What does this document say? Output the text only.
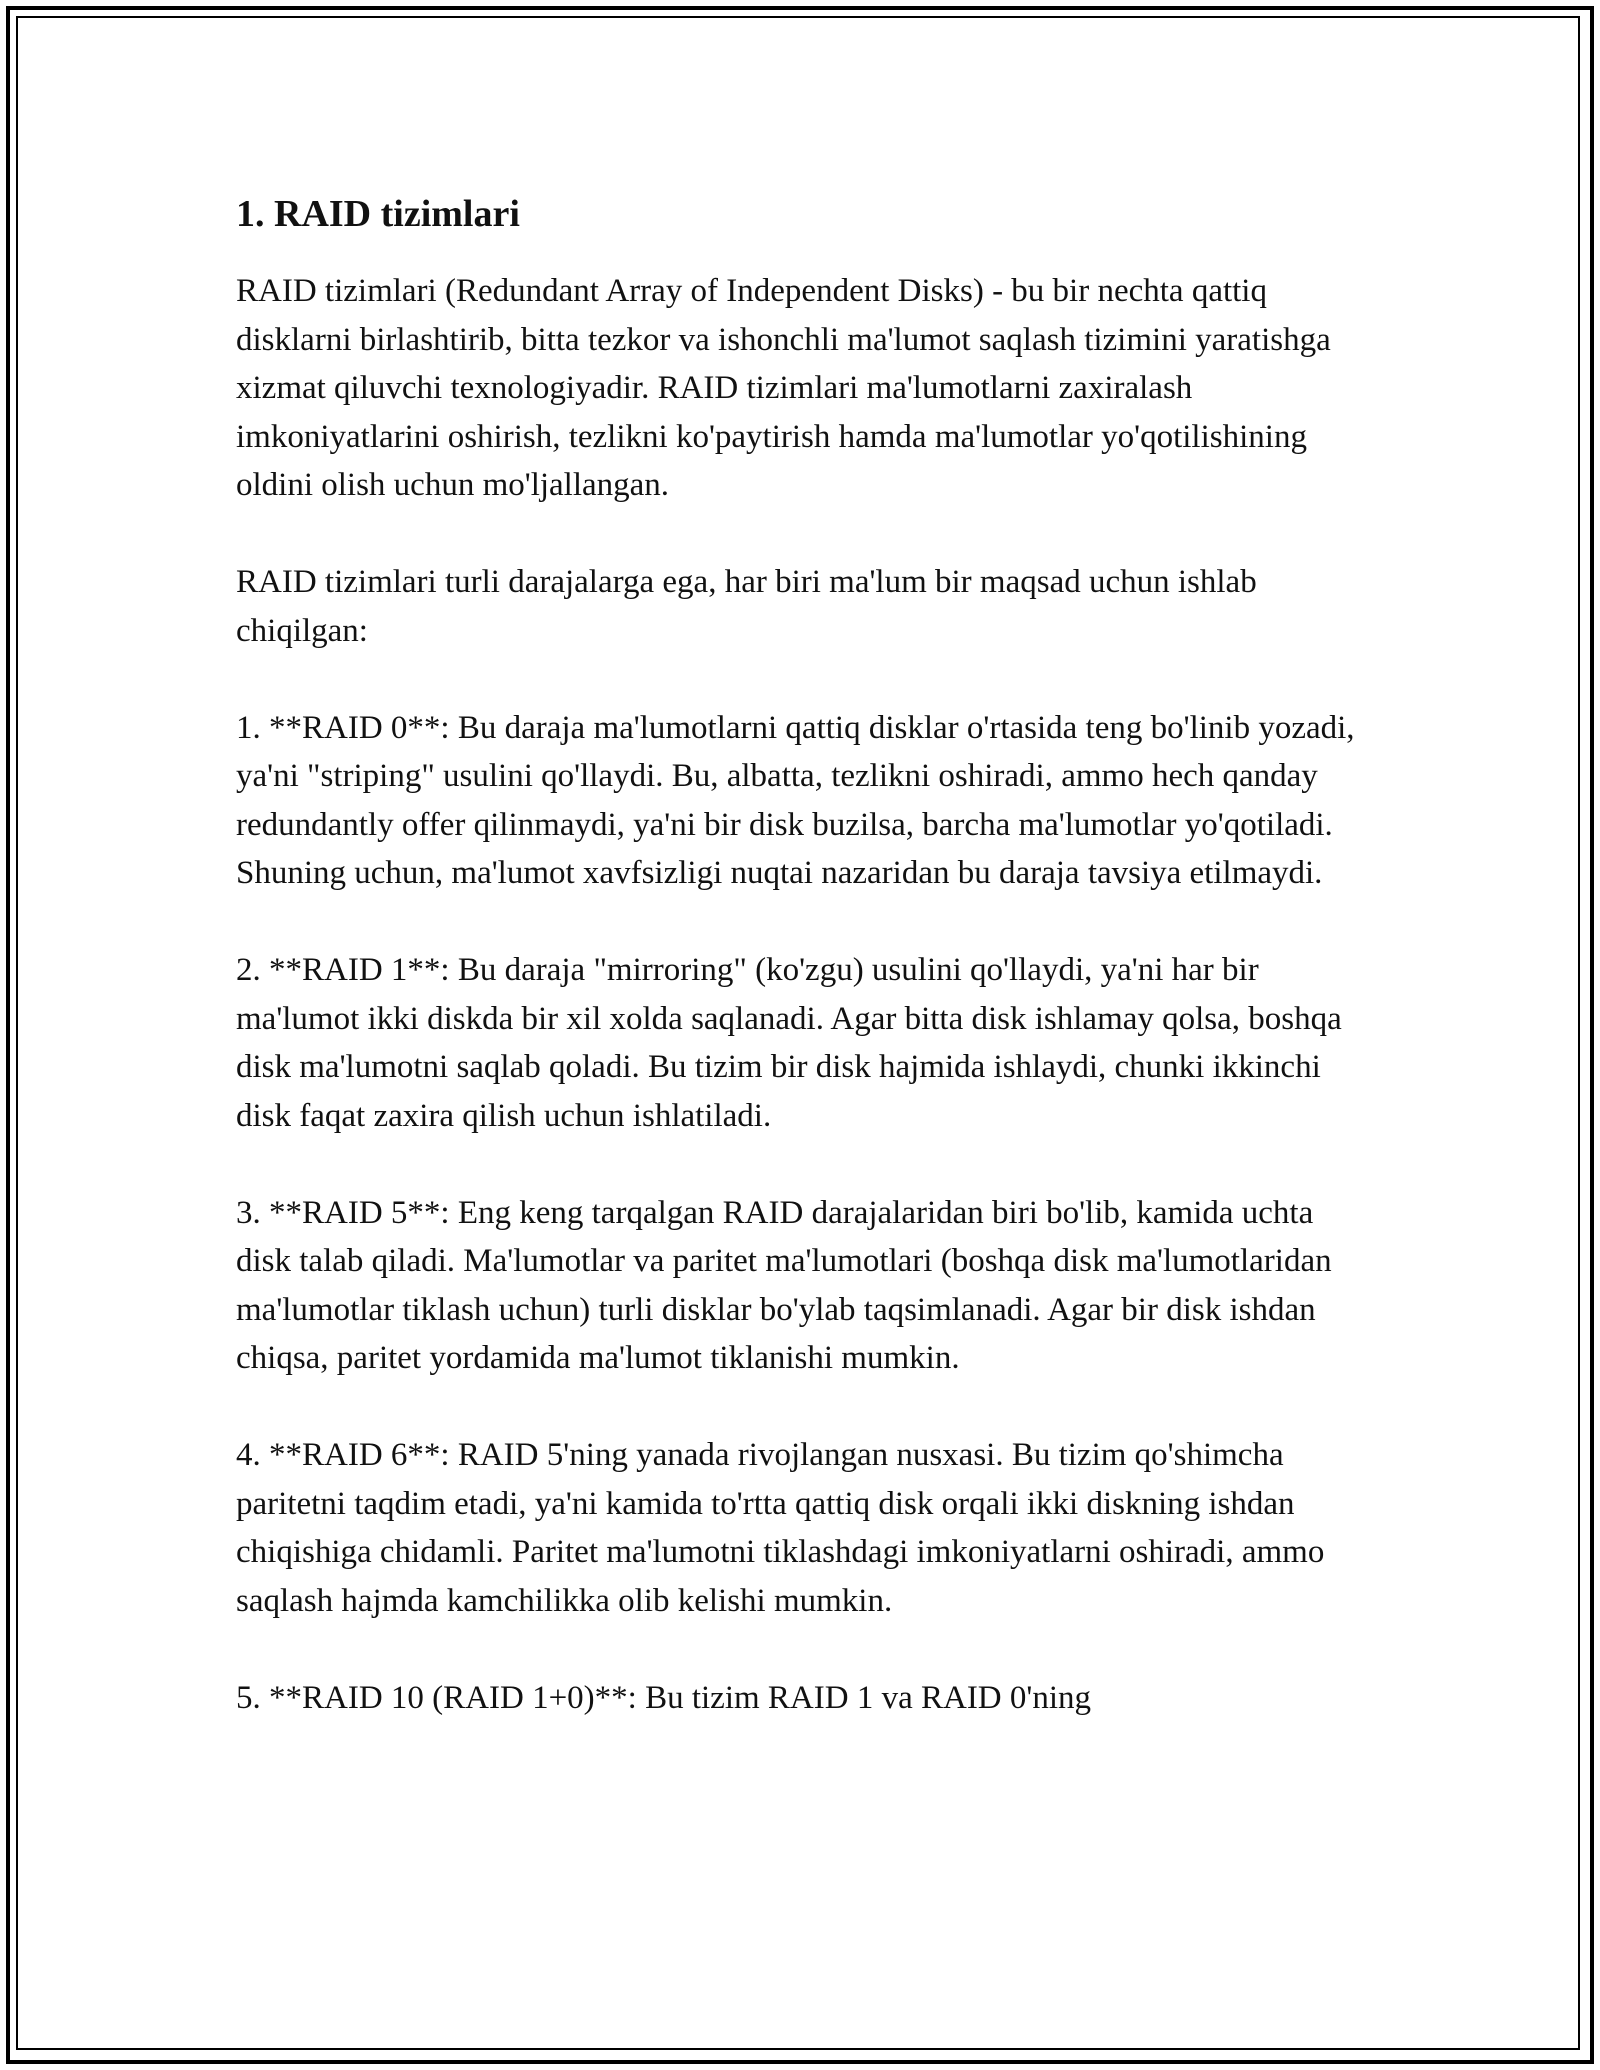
1. RAID tizimlari

RAID tizimlari (Redundant Array of Independent Disks) - bu bir nechta qattiq disklarni birlashtirib, bitta tezkor va ishonchli ma'lumot saqlash tizimini yaratishga xizmat qiluvchi texnologiyadir. RAID tizimlari ma'lumotlarni zaxiralash imkoniyatlarini oshirish, tezlikni ko'paytirish hamda ma'lumotlar yo'qotilishining oldini olish uchun mo'ljallangan.

RAID tizimlari turli darajalarga ega, har biri ma'lum bir maqsad uchun ishlab chiqilgan:

1. **RAID 0**: Bu daraja ma'lumotlarni qattiq disklar o'rtasida teng bo'linib yozadi, ya'ni "striping" usulini qo'llaydi. Bu, albatta, tezlikni oshiradi, ammo hech qanday redundantly offer qilinmaydi, ya'ni bir disk buzilsa, barcha ma'lumotlar yo'qotiladi. Shuning uchun, ma'lumot xavfsizligi nuqtai nazaridan bu daraja tavsiya etilmaydi.

2. **RAID 1**: Bu daraja "mirroring" (ko'zgu) usulini qo'llaydi, ya'ni har bir ma'lumot ikki diskda bir xil xolda saqlanadi. Agar bitta disk ishlamay qolsa, boshqa disk ma'lumotni saqlab qoladi. Bu tizim bir disk hajmida ishlaydi, chunki ikkinchi disk faqat zaxira qilish uchun ishlatiladi.

3. **RAID 5**: Eng keng tarqalgan RAID darajalaridan biri bo'lib, kamida uchta disk talab qiladi. Ma'lumotlar va paritet ma'lumotlari (boshqa disk ma'lumotlaridan ma'lumotlar tiklash uchun) turli disklar bo'ylab taqsimlanadi. Agar bir disk ishdan chiqsa, paritet yordamida ma'lumot tiklanishi mumkin.

4. **RAID 6**: RAID 5'ning yanada rivojlangan nusxasi. Bu tizim qo'shimcha paritetni taqdim etadi, ya'ni kamida to'rtta qattiq disk orqali ikki diskning ishdan chiqishiga chidamli. Paritet ma'lumotni tiklashdagi imkoniyatlarni oshiradi, ammo saqlash hajmda kamchilikka olib kelishi mumkin.

5. **RAID 10 (RAID 1+0)**: Bu tizim RAID 1 va RAID 0'ning
